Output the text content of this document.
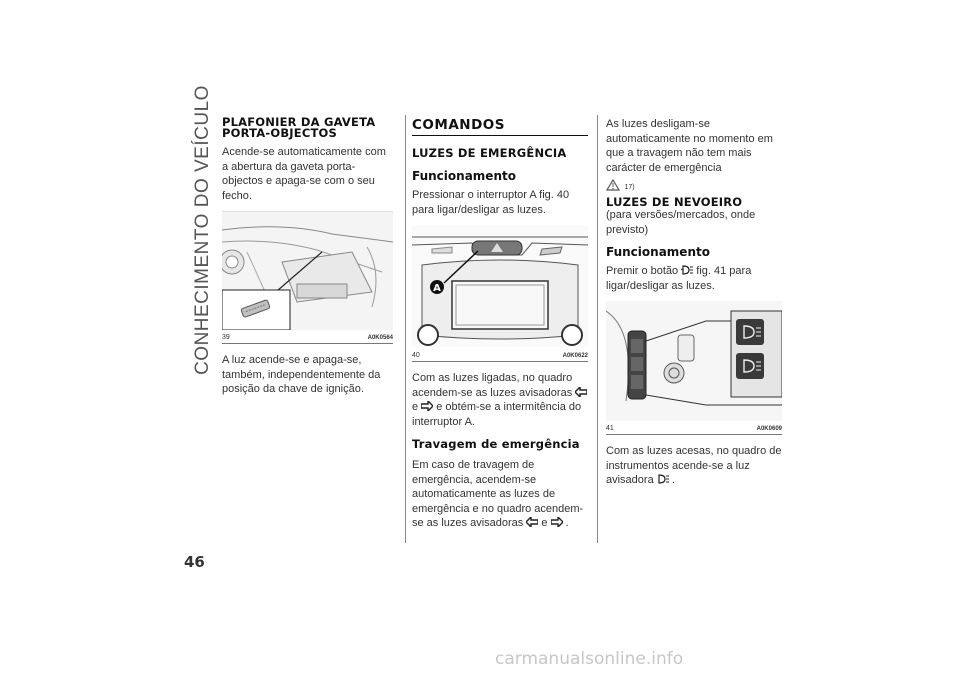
CONHECIMENTO DO VEÍCULO PLAFONIER DA GAVETA PORTA-OBJECTOS
Acende-se automaticamente com a abertura da gaveta porta-objectos e apaga-se com o seu fecho.
39	A0K0564
A luz acende-se e apaga-se, também, independentemente da posição da chave de ignição.
COMANDOS
LUZES DE EMERGÊNCIA
Funcionamento
Pressionar o interruptor A fig. 40 para ligar/desligar as luzes.
A
40	A0K0622
Com as luzes ligadas, no quadro acendem-se as luzes avisadoras  e e obtém-se a intermitência do interruptor A.
Travagem de emergência
Em caso de travagem de emergência, acendem-se automaticamente as luzes de emergência e no quadro acendem-se as luzes avisadoras e .
As luzes desligam-se automaticamente no momento em que a travagem não tem mais carácter de emergência
17)
LUZES DE NEVOEIRO
(para versões/mercados, onde previsto)
Funcionamento
Premir o botão fig. 41 para ligar/desligar as luzes.
41	A0K0609
Com as luzes acesas, no quadro de instrumentos acende-se a luz avisadora .
46
carmanualsonline.info
